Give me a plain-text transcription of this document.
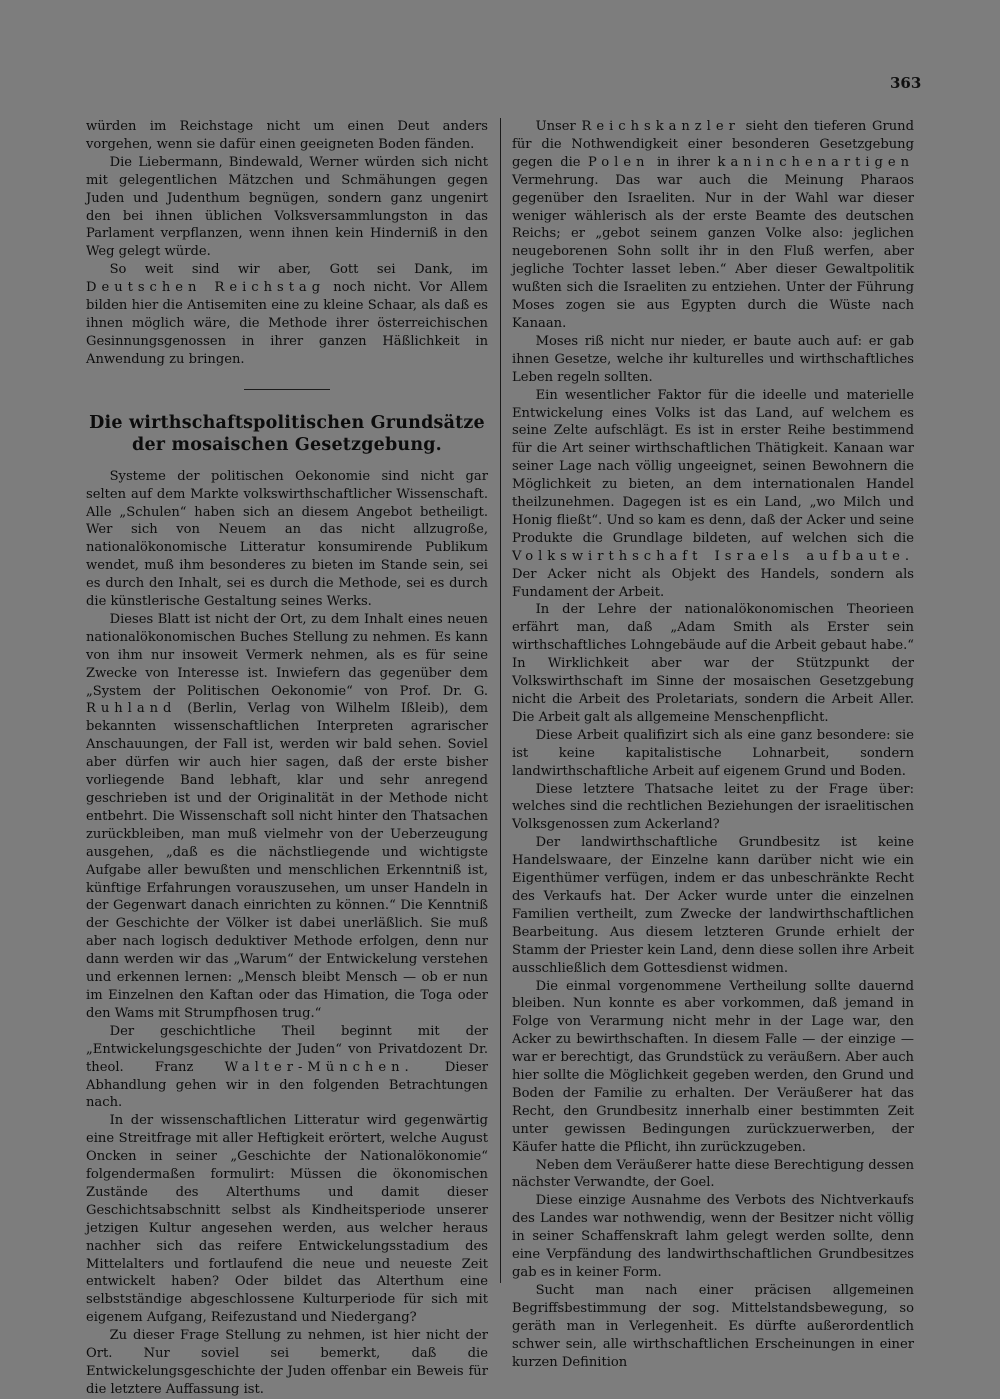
363

würden im Reichstage nicht um einen Deut anders vorgehen, wenn sie dafür einen geeigneten Boden fänden.

Die Liebermann, Bindewald, Werner würden sich nicht mit gelegentlichen Mätzchen und Schmähungen gegen Juden und Judenthum begnügen, sondern ganz ungenirt den bei ihnen üblichen Volksversammlungston in das Parlament verpflanzen, wenn ihnen kein Hinderniß in den Weg gelegt würde.

So weit sind wir aber, Gott sei Dank, im Deutschen Reichstag noch nicht. Vor Allem bilden hier die Antisemiten eine zu kleine Schaar, als daß es ihnen möglich wäre, die Methode ihrer österreichischen Gesinnungsgenossen in ihrer ganzen Häßlichkeit in Anwendung zu bringen.

Die wirthschaftspolitischen Grundsätze der mosaischen Gesetzgebung.

Systeme der politischen Oekonomie sind nicht gar selten auf dem Markte volkswirthschaftlicher Wissenschaft. Alle „Schulen“ haben sich an diesem Angebot betheiligt. Wer sich von Neuem an das nicht allzugroße, nationalökonomische Litteratur konsumirende Publikum wendet, muß ihm besonderes zu bieten im Stande sein, sei es durch den Inhalt, sei es durch die Methode, sei es durch die künstlerische Gestaltung seines Werks.

Dieses Blatt ist nicht der Ort, zu dem Inhalt eines neuen nationalökonomischen Buches Stellung zu nehmen. Es kann von ihm nur insoweit Vermerk nehmen, als es für seine Zwecke von Interesse ist. Inwiefern das gegenüber dem „System der Politischen Oekonomie“ von Prof. Dr. G. Ruhland (Berlin, Verlag von Wilhelm Ißleib), dem bekannten wissenschaftlichen Interpreten agrarischer Anschauungen, der Fall ist, werden wir bald sehen. Soviel aber dürfen wir auch hier sagen, daß der erste bisher vorliegende Band lebhaft, klar und sehr anregend geschrieben ist und der Originalität in der Methode nicht entbehrt. Die Wissenschaft soll nicht hinter den Thatsachen zurückbleiben, man muß vielmehr von der Ueberzeugung ausgehen, „daß es die nächstliegende und wichtigste Aufgabe aller bewußten und menschlichen Erkenntniß ist, künftige Erfahrungen vorauszusehen, um unser Handeln in der Gegenwart danach einrichten zu können.“ Die Kenntniß der Geschichte der Völker ist dabei unerläßlich. Sie muß aber nach logisch deduktiver Methode erfolgen, denn nur dann werden wir das „Warum“ der Entwickelung verstehen und erkennen lernen: „Mensch bleibt Mensch — ob er nun im Einzelnen den Kaftan oder das Himation, die Toga oder den Wams mit Strumpfhosen trug.“

Der geschichtliche Theil beginnt mit der „Entwickelungsgeschichte der Juden“ von Privatdozent Dr. theol. Franz Walter-München. Dieser Abhandlung gehen wir in den folgenden Betrachtungen nach.

In der wissenschaftlichen Litteratur wird gegenwärtig eine Streitfrage mit aller Heftigkeit erörtert, welche August Oncken in seiner „Geschichte der Nationalökonomie“ folgendermaßen formulirt: Müssen die ökonomischen Zustände des Alterthums und damit dieser Geschichtsabschnitt selbst als Kindheitsperiode unserer jetzigen Kultur angesehen werden, aus welcher heraus nachher sich das reifere Entwickelungsstadium des Mittelalters und fortlaufend die neue und neueste Zeit entwickelt haben? Oder bildet das Alterthum eine selbstständige abgeschlossene Kulturperiode für sich mit eigenem Aufgang, Reifezustand und Niedergang?

Zu dieser Frage Stellung zu nehmen, ist hier nicht der Ort. Nur soviel sei bemerkt, daß die Entwickelungsgeschichte der Juden offenbar ein Beweis für die letztere Auffassung ist.

Unser Reichskanzler sieht den tieferen Grund für die Nothwendigkeit einer besonderen Gesetzgebung gegen die Polen in ihrer kaninchenartigen Vermehrung. Das war auch die Meinung Pharaos gegenüber den Israeliten. Nur in der Wahl war dieser weniger wählerisch als der erste Beamte des deutschen Reichs; er „gebot seinem ganzen Volke also: jeglichen neugeborenen Sohn sollt ihr in den Fluß werfen, aber jegliche Tochter lasset leben.“ Aber dieser Gewaltpolitik wußten sich die Israeliten zu entziehen. Unter der Führung Moses zogen sie aus Egypten durch die Wüste nach Kanaan.

Moses riß nicht nur nieder, er baute auch auf: er gab ihnen Gesetze, welche ihr kulturelles und wirthschaftliches Leben regeln sollten.

Ein wesentlicher Faktor für die ideelle und materielle Entwickelung eines Volks ist das Land, auf welchem es seine Zelte aufschlägt. Es ist in erster Reihe bestimmend für die Art seiner wirthschaftlichen Thätigkeit. Kanaan war seiner Lage nach völlig ungeeignet, seinen Bewohnern die Möglichkeit zu bieten, an dem internationalen Handel theilzunehmen. Dagegen ist es ein Land, „wo Milch und Honig fließt“. Und so kam es denn, daß der Acker und seine Produkte die Grundlage bildeten, auf welchen sich die Volkswirthschaft Israels aufbaute. Der Acker nicht als Objekt des Handels, sondern als Fundament der Arbeit.

In der Lehre der nationalökonomischen Theorieen erfährt man, daß „Adam Smith als Erster sein wirthschaftliches Lohngebäude auf die Arbeit gebaut habe.“ In Wirklichkeit aber war der Stützpunkt der Volkswirthschaft im Sinne der mosaischen Gesetzgebung nicht die Arbeit des Proletariats, sondern die Arbeit Aller. Die Arbeit galt als allgemeine Menschenpflicht.

Diese Arbeit qualifizirt sich als eine ganz besondere: sie ist keine kapitalistische Lohnarbeit, sondern landwirthschaftliche Arbeit auf eigenem Grund und Boden.

Diese letztere Thatsache leitet zu der Frage über: welches sind die rechtlichen Beziehungen der israelitischen Volksgenossen zum Ackerland?

Der landwirthschaftliche Grundbesitz ist keine Handelswaare, der Einzelne kann darüber nicht wie ein Eigenthümer verfügen, indem er das unbeschränkte Recht des Verkaufs hat. Der Acker wurde unter die einzelnen Familien vertheilt, zum Zwecke der landwirthschaftlichen Bearbeitung. Aus diesem letzteren Grunde erhielt der Stamm der Priester kein Land, denn diese sollen ihre Arbeit ausschließlich dem Gottesdienst widmen.

Die einmal vorgenommene Vertheilung sollte dauernd bleiben. Nun konnte es aber vorkommen, daß jemand in Folge von Verarmung nicht mehr in der Lage war, den Acker zu bewirthschaften. In diesem Falle — der einzige — war er berechtigt, das Grundstück zu veräußern. Aber auch hier sollte die Möglichkeit gegeben werden, den Grund und Boden der Familie zu erhalten. Der Veräußerer hat das Recht, den Grundbesitz innerhalb einer bestimmten Zeit unter gewissen Bedingungen zurückzuerwerben, der Käufer hatte die Pflicht, ihn zurückzugeben.

Neben dem Veräußerer hatte diese Berechtigung dessen nächster Verwandte, der Goel.

Diese einzige Ausnahme des Verbots des Nichtverkaufs des Landes war nothwendig, wenn der Besitzer nicht völlig in seiner Schaffenskraft lahm gelegt werden sollte, denn eine Verpfändung des landwirthschaftlichen Grundbesitzes gab es in keiner Form.

Sucht man nach einer präcisen allgemeinen Begriffsbestimmung der sog. Mittelstandsbewegung, so geräth man in Verlegenheit. Es dürfte außerordentlich schwer sein, alle wirthschaftlichen Erscheinungen in einer kurzen Definition
